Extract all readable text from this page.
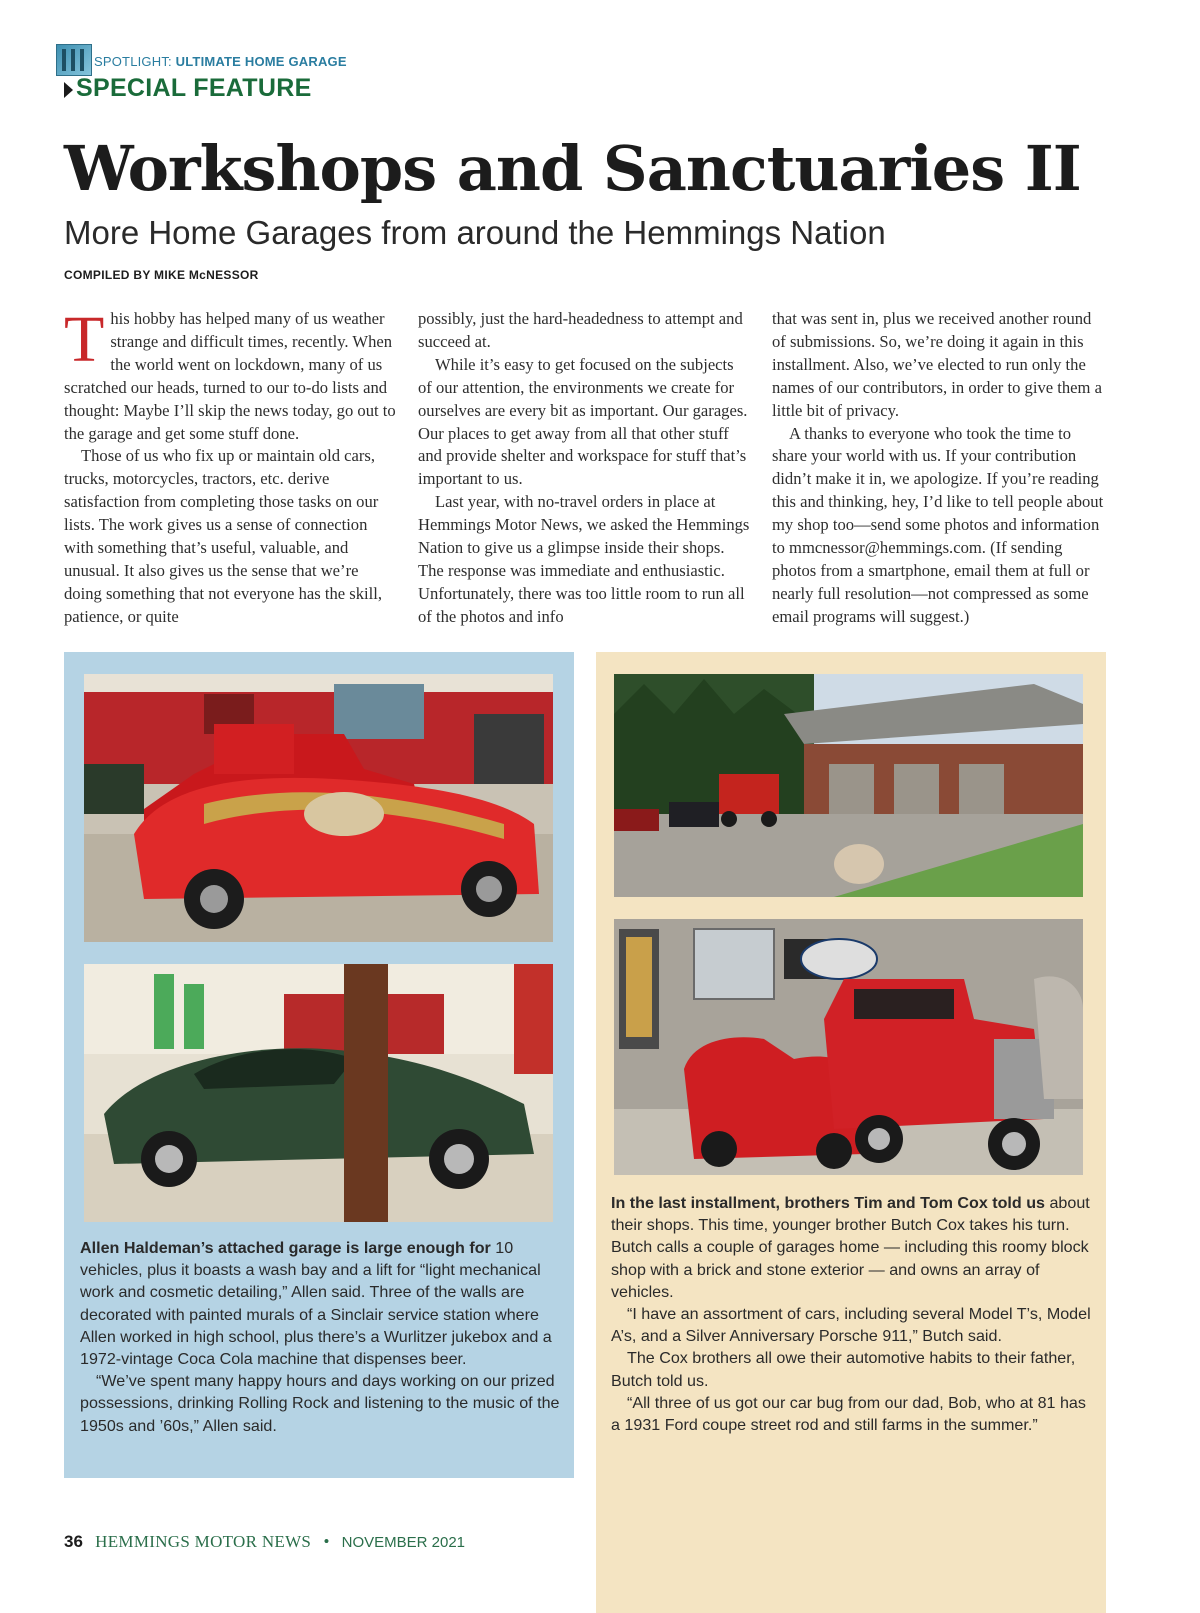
SPOTLIGHT: ULTIMATE HOME GARAGE
SPECIAL FEATURE
Workshops and Sanctuaries II
More Home Garages from around the Hemmings Nation
COMPILED BY MIKE McNESSOR

This hobby has helped many of us weather strange and difficult times, recently. When the world went on lockdown, many of us scratched our heads, turned to our to-do lists and thought: Maybe I’ll skip the news today, go out to the garage and get some stuff done.

Those of us who fix up or maintain old cars, trucks, motorcycles, tractors, etc. derive satisfaction from completing those tasks on our lists. The work gives us a sense of connection with something that’s useful, valuable, and unusual. It also gives us the sense that we’re doing something that not everyone has the skill, patience, or quite

possibly, just the hard-headedness to attempt and succeed at.

While it’s easy to get focused on the subjects of our attention, the environments we create for ourselves are every bit as important. Our garages. Our places to get away from all that other stuff and provide shelter and workspace for stuff that’s important to us.

Last year, with no-travel orders in place at Hemmings Motor News, we asked the Hemmings Nation to give us a glimpse inside their shops. The response was immediate and enthusiastic. Unfortunately, there was too little room to run all of the photos and info

that was sent in, plus we received another round of submissions. So, we’re doing it again in this installment. Also, we’ve elected to run only the names of our contributors, in order to give them a little bit of privacy.

A thanks to everyone who took the time to share your world with us. If your contribution didn’t make it in, we apologize. If you’re reading this and thinking, hey, I’d like to tell people about my shop too—send some photos and information to mmcnessor@hemmings.com. (If sending photos from a smartphone, email them at full or nearly full resolution—not compressed as some email programs will suggest.)

Allen Haldeman’s attached garage is large enough for 10 vehicles, plus it boasts a wash bay and a lift for “light mechanical work and cosmetic detailing,” Allen said. Three of the walls are decorated with painted murals of a Sinclair service station where Allen worked in high school, plus there’s a Wurlitzer jukebox and a 1972-vintage Coca Cola machine that dispenses beer.

“We’ve spent many happy hours and days working on our prized possessions, drinking Rolling Rock and listening to the music of the 1950s and ’60s,” Allen said.

In the last installment, brothers Tim and Tom Cox told us about their shops. This time, younger brother Butch Cox takes his turn. Butch calls a couple of garages home — including this roomy block shop with a brick and stone exterior — and owns an array of vehicles.

“I have an assortment of cars, including several Model T’s, Model A’s, and a Silver Anniversary Porsche 911,” Butch said.

The Cox brothers all owe their automotive habits to their father, Butch told us.

“All three of us got our car bug from our dad, Bob, who at 81 has a 1931 Ford coupe street rod and still farms in the summer.”

36 HEMMINGS MOTOR NEWS • NOVEMBER 2021
